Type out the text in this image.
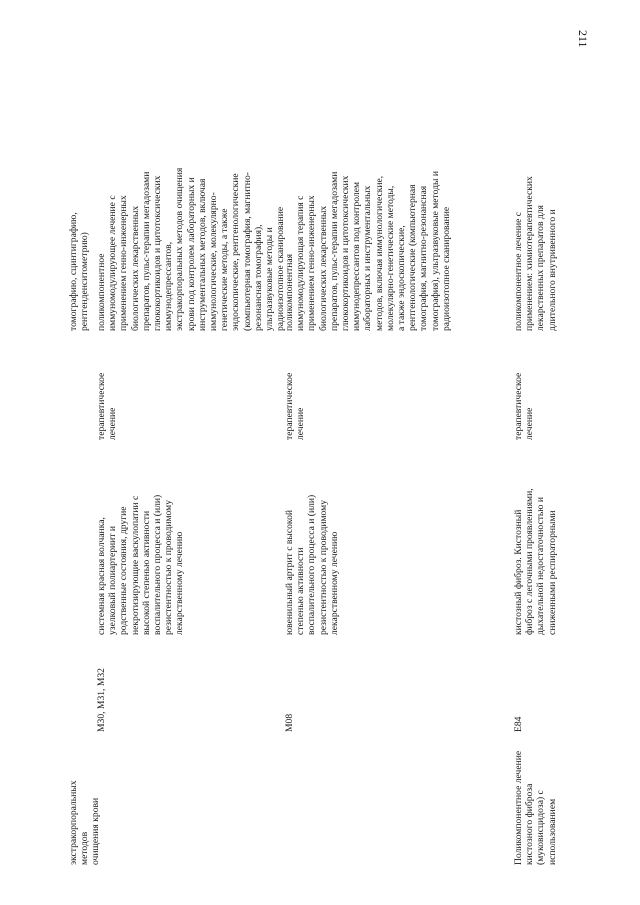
211
экстракорпоральных методов
очищения крови
томографию, сцинтиграфию,
рентгенденситометрию)
M30, M31, M32
системная красная волчанка,
узелковый полиартериит и
родственные состояния, другие
некротизирующие васкулопатии с
высокой степенью активности
воспалительного процесса и (или)
резистентностью к проводимому
лекарственному лечению
терапевтическое
лечение
поликомпонентное
иммуномодулирующее лечение с
применением генно-инженерных
биологических лекарственных
препаратов, пульс-терапии мегадозами
глюкокортикоидов и цитотоксических
иммунодепрессантов,
экстракорпоральных методов очищения
крови под контролем лабораторных и
инструментальных методов, включая
иммунологические, молекулярно-
генетические методы, а также
эндоскопические, рентгенологические
(компьютерная томография, магнитно-
резонансная томография),
ультразвуковые методы и
радиоизотопное сканирование
M08
ювенильный артрит с высокой
степенью активности
воспалительного процесса и (или)
резистентностью к проводимому
лекарственному лечению
терапевтическое
лечение
поликомпонентная
иммуномодулирующая терапия с
применением генно-инженерных
биологических лекарственных
препаратов, пульс-терапии мегадозами
глюкокортикоидов и цитотоксических
иммунодепрессантов под контролем
лабораторных и инструментальных
методов, включая иммунологические,
молекулярно-генетические методы,
а также эндоскопические,
рентгенологические (компьютерная
томография, магнитно-резонансная
томография), ультразвуковые методы и
радиоизотопное сканирование
Поликомпонентное лечение
кистозного фиброза
(муковисцидоза) с
использованием
E84
кистозный фиброз. Кистозный
фиброз с легочными проявлениями,
дыхательной недостаточностью и
сниженными респираторными
терапевтическое
лечение
поликомпонентное лечение с
применением: химиотерапевтических
лекарственных препаратов для
длительного внутривенного и
